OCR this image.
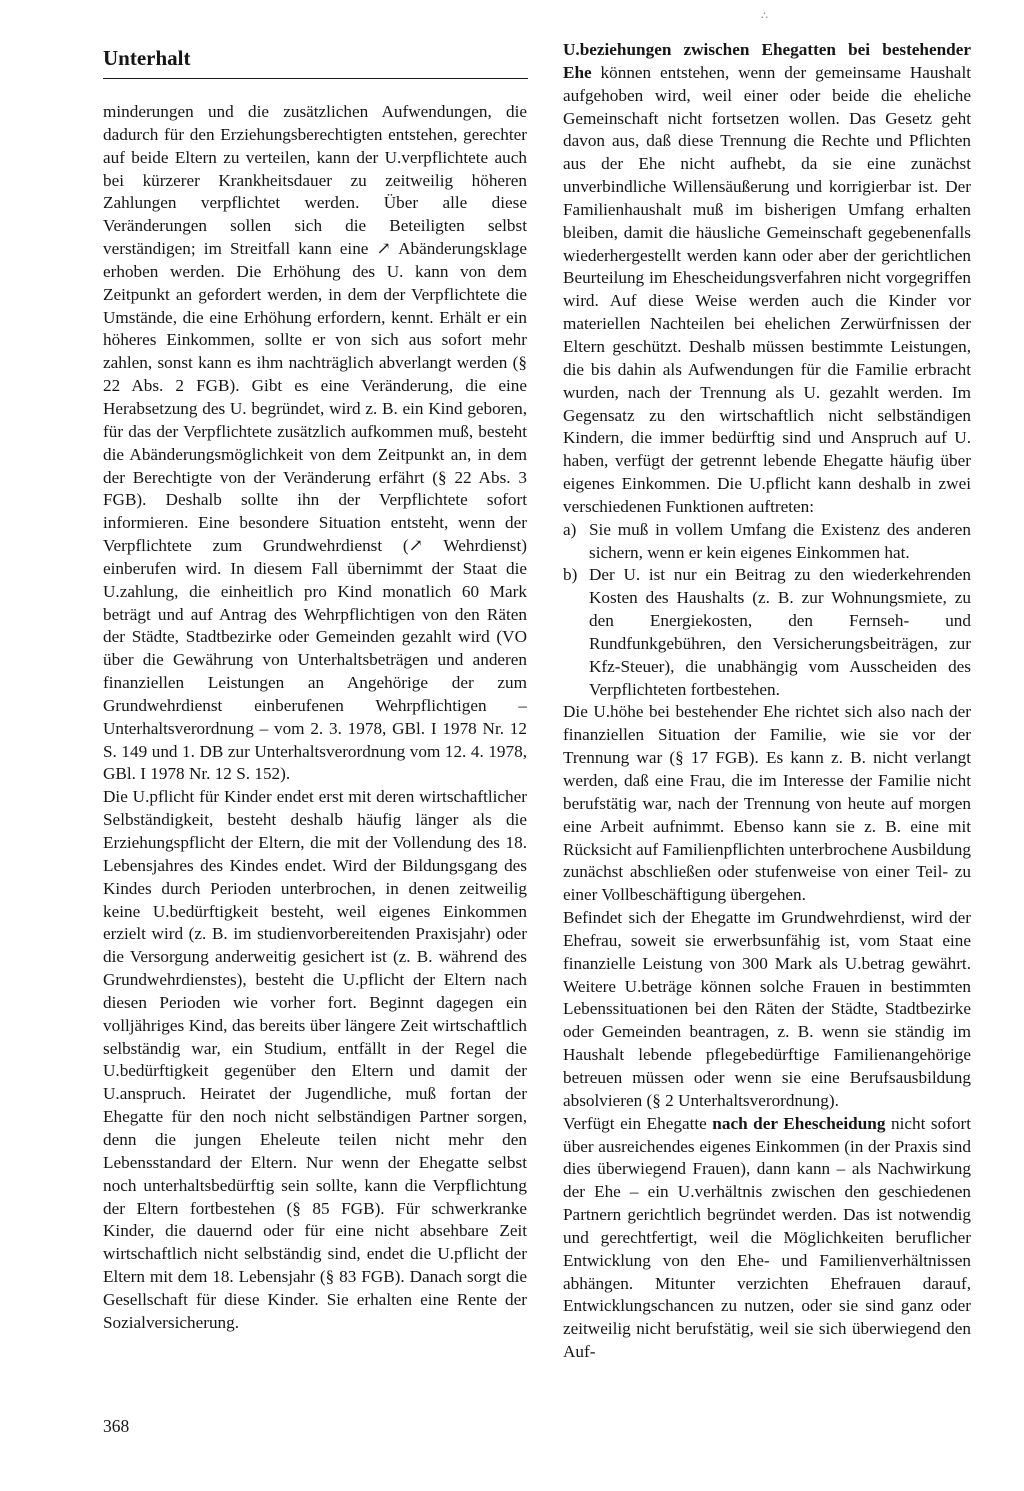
∴
Unterhalt

minderungen und die zusätzlichen Aufwendungen, die dadurch für den Erziehungsberechtigten entstehen, gerechter auf beide Eltern zu verteilen, kann der U.verpflichtete auch bei kürzerer Krankheitsdauer zu zeitweilig höheren Zahlungen verpflichtet werden. Über alle diese Veränderungen sollen sich die Beteiligten selbst verständigen; im Streitfall kann eine ↗ Abänderungsklage erhoben werden. Die Erhöhung des U. kann von dem Zeitpunkt an gefordert werden, in dem der Verpflichtete die Umstände, die eine Erhöhung erfordern, kennt. Erhält er ein höheres Einkommen, sollte er von sich aus sofort mehr zahlen, sonst kann es ihm nachträglich abverlangt werden (§ 22 Abs. 2 FGB). Gibt es eine Veränderung, die eine Herabsetzung des U. begründet, wird z. B. ein Kind geboren, für das der Verpflichtete zusätzlich aufkommen muß, besteht die Abänderungsmöglichkeit von dem Zeitpunkt an, in dem der Berechtigte von der Veränderung erfährt (§ 22 Abs. 3 FGB). Deshalb sollte ihn der Verpflichtete sofort informieren. Eine besondere Situation entsteht, wenn der Verpflichtete zum Grundwehrdienst (↗ Wehrdienst) einberufen wird. In diesem Fall übernimmt der Staat die U.zahlung, die einheitlich pro Kind monatlich 60 Mark beträgt und auf Antrag des Wehrpflichtigen von den Räten der Städte, Stadtbezirke oder Gemeinden gezahlt wird (VO über die Gewährung von Unterhaltsbeträgen und anderen finanziellen Leistungen an Angehörige der zum Grundwehrdienst einberufenen Wehrpflichtigen – Unterhaltsverordnung – vom 2. 3. 1978, GBl. I 1978 Nr. 12 S. 149 und 1. DB zur Unterhaltsverordnung vom 12. 4. 1978, GBl. I 1978 Nr. 12 S. 152).

Die U.pflicht für Kinder endet erst mit deren wirtschaftlicher Selbständigkeit, besteht deshalb häufig länger als die Erziehungspflicht der Eltern, die mit der Vollendung des 18. Lebensjahres des Kindes endet. Wird der Bildungsgang des Kindes durch Perioden unterbrochen, in denen zeitweilig keine U.bedürftigkeit besteht, weil eigenes Einkommen erzielt wird (z. B. im studienvorbereitenden Praxisjahr) oder die Versorgung anderweitig gesichert ist (z. B. während des Grundwehrdienstes), besteht die U.pflicht der Eltern nach diesen Perioden wie vorher fort. Beginnt dagegen ein volljähriges Kind, das bereits über längere Zeit wirtschaftlich selbständig war, ein Studium, entfällt in der Regel die U.bedürftigkeit gegenüber den Eltern und damit der U.anspruch. Heiratet der Jugendliche, muß fortan der Ehegatte für den noch nicht selbständigen Partner sorgen, denn die jungen Eheleute teilen nicht mehr den Lebensstandard der Eltern. Nur wenn der Ehegatte selbst noch unterhaltsbedürftig sein sollte, kann die Verpflichtung der Eltern fortbestehen (§ 85 FGB). Für schwerkranke Kinder, die dauernd oder für eine nicht absehbare Zeit wirtschaftlich nicht selbständig sind, endet die U.pflicht der Eltern mit dem 18. Lebensjahr (§ 83 FGB). Danach sorgt die Gesellschaft für diese Kinder. Sie erhalten eine Rente der Sozialversicherung.

U.beziehungen zwischen Ehegatten bei bestehender Ehe können entstehen, wenn der gemeinsame Haushalt aufgehoben wird, weil einer oder beide die eheliche Gemeinschaft nicht fortsetzen wollen. Das Gesetz geht davon aus, daß diese Trennung die Rechte und Pflichten aus der Ehe nicht aufhebt, da sie eine zunächst unverbindliche Willensäußerung und korrigierbar ist. Der Familienhaushalt muß im bisherigen Umfang erhalten bleiben, damit die häusliche Gemeinschaft gegebenenfalls wiederhergestellt werden kann oder aber der gerichtlichen Beurteilung im Ehescheidungsverfahren nicht vorgegriffen wird. Auf diese Weise werden auch die Kinder vor materiellen Nachteilen bei ehelichen Zerwürfnissen der Eltern geschützt. Deshalb müssen bestimmte Leistungen, die bis dahin als Aufwendungen für die Familie erbracht wurden, nach der Trennung als U. gezahlt werden. Im Gegensatz zu den wirtschaftlich nicht selbständigen Kindern, die immer bedürftig sind und Anspruch auf U. haben, verfügt der getrennt lebende Ehegatte häufig über eigenes Einkommen. Die U.pflicht kann deshalb in zwei verschiedenen Funktionen auftreten:

a) Sie muß in vollem Umfang die Existenz des anderen sichern, wenn er kein eigenes Einkommen hat.
b) Der U. ist nur ein Beitrag zu den wiederkehrenden Kosten des Haushalts (z. B. zur Wohnungsmiete, zu den Energiekosten, den Fernseh- und Rundfunkgebühren, den Versicherungsbeiträgen, zur Kfz-Steuer), die unabhängig vom Ausscheiden des Verpflichteten fortbestehen.

Die U.höhe bei bestehender Ehe richtet sich also nach der finanziellen Situation der Familie, wie sie vor der Trennung war (§ 17 FGB). Es kann z. B. nicht verlangt werden, daß eine Frau, die im Interesse der Familie nicht berufstätig war, nach der Trennung von heute auf morgen eine Arbeit aufnimmt. Ebenso kann sie z. B. eine mit Rücksicht auf Familienpflichten unterbrochene Ausbildung zunächst abschließen oder stufenweise von einer Teil- zu einer Vollbeschäftigung übergehen.

Befindet sich der Ehegatte im Grundwehrdienst, wird der Ehefrau, soweit sie erwerbsunfähig ist, vom Staat eine finanzielle Leistung von 300 Mark als U.betrag gewährt. Weitere U.beträge können solche Frauen in bestimmten Lebenssituationen bei den Räten der Städte, Stadtbezirke oder Gemeinden beantragen, z. B. wenn sie ständig im Haushalt lebende pflegebedürftige Familienangehörige betreuen müssen oder wenn sie eine Berufsausbildung absolvieren (§ 2 Unterhaltsverordnung).

Verfügt ein Ehegatte nach der Ehescheidung nicht sofort über ausreichendes eigenes Einkommen (in der Praxis sind dies überwiegend Frauen), dann kann – als Nachwirkung der Ehe – ein U.verhältnis zwischen den geschiedenen Partnern gerichtlich begründet werden. Das ist notwendig und gerechtfertigt, weil die Möglichkeiten beruflicher Entwicklung von den Ehe- und Familienverhältnissen abhängen. Mitunter verzichten Ehefrauen darauf, Entwicklungschancen zu nutzen, oder sie sind ganz oder zeitweilig nicht berufstätig, weil sie sich überwiegend den Auf-

368
